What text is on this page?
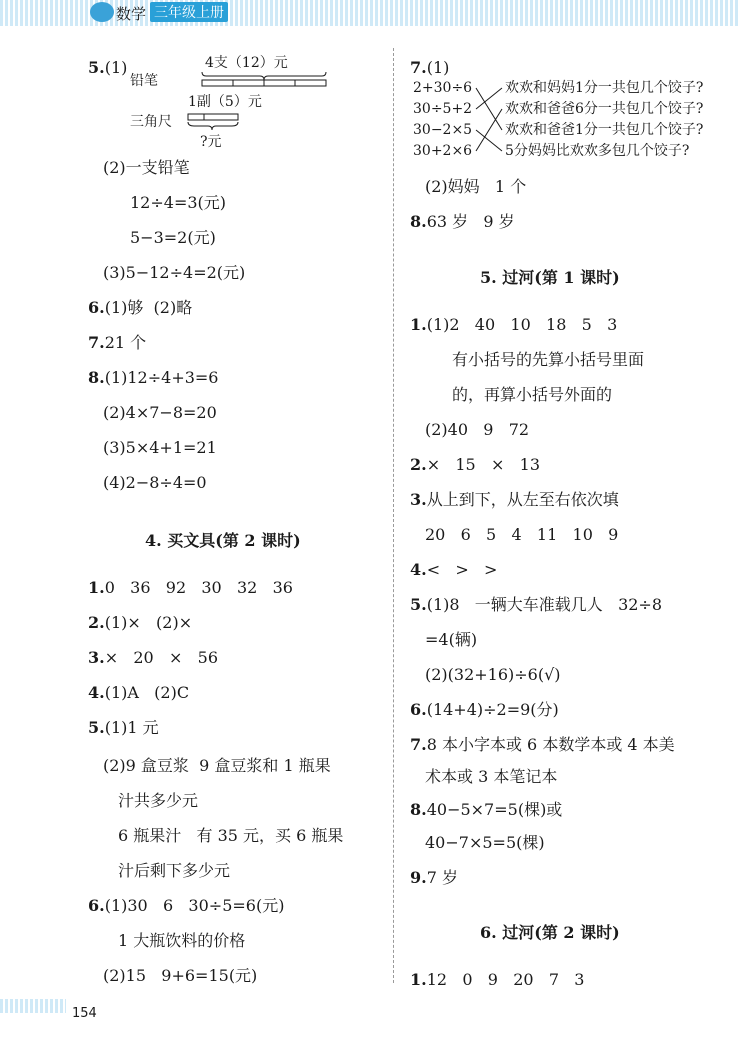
数学 三年级上册
5.(1)	4支（12）元
铅笔
1副（5）元
三角尺
?元
(2)一支铅笔
12÷4=3(元)
5−3=2(元)
(3)5−12÷4=2(元)
6.(1)够  (2)略
7.21 个
8.(1)12÷4+3=6
(2)4×7−8=20
(3)5×4+1=21
(4)2−8÷4=0
4. 买文具(第 2 课时)
1.0   36   92   30   32   36
2.(1)×   (2)×
3.×   20   ×   56
4.(1)A   (2)C
5.(1)1 元
(2)9 盒豆浆  9 盒豆浆和 1 瓶果
汁共多少元
6 瓶果汁   有 35 元，买 6 瓶果
汁后剩下多少元
6.(1)30   6   30÷5=6(元)
1 大瓶饮料的价格
(2)15   9+6=15(元)
7.(1)
2+30÷6
30÷5+2
30−2×5
30+2×6
欢欢和妈妈1分一共包几个饺子?
欢欢和爸爸6分一共包几个饺子?
欢欢和爸爸1分一共包几个饺子?
5分妈妈比欢欢多包几个饺子?
(2)妈妈   1 个
8.63 岁   9 岁
5. 过河(第 1 课时)
1.(1)2   40   10   18   5   3
有小括号的先算小括号里面
的，再算小括号外面的
(2)40   9   72
2.×   15   ×   13
3.从上到下，从左至右依次填
20   6   5   4   11   10   9
4.<   >   >
5.(1)8   一辆大车准载几人   32÷8
=4(辆)
(2)(32+16)÷6(√)
6.(14+4)÷2=9(分)
7.8 本小字本或 6 本数学本或 4 本美
术本或 3 本笔记本
8.40−5×7=5(棵)或
40−7×5=5(棵)
9.7 岁
6. 过河(第 2 课时)
1.12   0   9   20   7   3
154
